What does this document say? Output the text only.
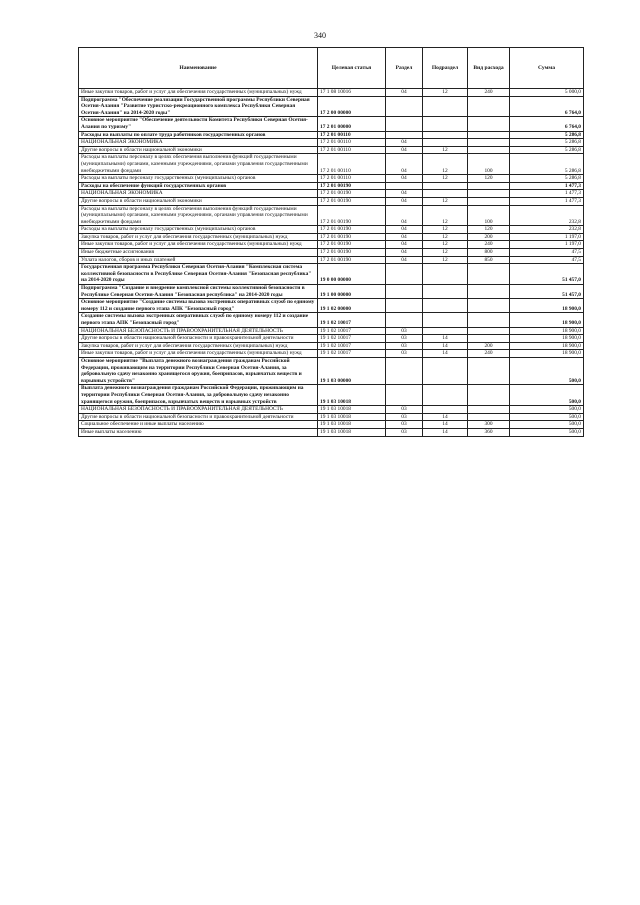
340
Наименование	Целевая статья	Раздел	Подраздел	Вид расхода	Сумма
Иные закупки товаров, работ и услуг для обеспечения государственных (муниципальных) нужд	17 1 08 10016	04	12	240	5 000,0
Подпрограмма "Обеспечение реализации Государственной программы Республики Северная Осетия-Алания "Развитие туристско-рекреационного комплекса Республики Северная Осетия-Алания" на 2014-2020 годы"	17 2 00 00000				6 764,0
Основное мероприятие "Обеспечение деятельности Комитета Республики Северная Осетия-Алания по туризму"	17 2 01 00000				6 764,0
Расходы на выплаты по оплате труда работников государственных органов	17 2 01 00110				5 286,8
НАЦИОНАЛЬНАЯ ЭКОНОМИКА	17 2 01 00110	04			5 286,8
Другие вопросы в области национальной экономики	17 2 01 00110	04	12		5 286,8
Расходы на выплаты персоналу в целях обеспечения выполнения функций государственными (муниципальными) органами, казенными учреждениями, органами управления государственными внебюджетными фондами	17 2 01 00110	04	12	100	5 286,8
Расходы на выплаты персоналу государственных (муниципальных) органов	17 2 01 00110	04	12	120	5 286,8
Расходы на обеспечение функций государственных органов	17 2 01 00190				1 477,3
НАЦИОНАЛЬНАЯ ЭКОНОМИКА	17 2 01 00190	04			1 477,3
Другие вопросы в области национальной экономики	17 2 01 00190	04	12		1 477,3
Расходы на выплаты персоналу в целях обеспечения выполнения функций государственными (муниципальными) органами, казенными учреждениями, органами управления государственными внебюджетными фондами	17 2 01 00190	04	12	100	232,8
Расходы на выплаты персоналу государственных (муниципальных) органов	17 2 01 00190	04	12	120	232,8
Закупка товаров, работ и услуг для обеспечения государственных (муниципальных) нужд	17 2 01 00190	04	12	200	1 197,0
Иные закупки товаров, работ и услуг для обеспечения государственных (муниципальных) нужд	17 2 01 00190	04	12	240	1 197,0
Иные бюджетные ассигнования	17 2 01 00190	04	12	800	47,5
Уплата налогов, сборов и иных платежей	17 2 01 00190	04	12	850	47,5
Государственная программа Республики Северная Осетия-Алания "Комплексная система коллективной безопасности в Республике Северная Осетия-Алания "Безопасная республика" на 2014-2020 годы	19 0 00 00000				51 457,0
Подпрограмма "Создание и внедрение комплексной системы коллективной безопасности в Республике Северная Осетия-Алания "Безопасная республика" на 2014-2020 годы	19 1 00 00000				51 457,0
Основное мероприятие "Создание системы вызова экстренных оперативных служб по единому номеру 112 и создание первого этапа АПК "Безопасный город"	19 1 02 00000				18 900,0
Создание системы вызова экстренных оперативных служб по единому номеру 112 и создание первого этапа АПК "Безопасный город"	19 1 02 10017				18 900,0
НАЦИОНАЛЬНАЯ БЕЗОПАСНОСТЬ И ПРАВООХРАНИТЕЛЬНАЯ ДЕЯТЕЛЬНОСТЬ	19 1 02 10017	03			18 900,0
Другие вопросы в области национальной безопасности и правоохранительной деятельности	19 1 02 10017	03	14		18 900,0
Закупка товаров, работ и услуг для обеспечения государственных (муниципальных) нужд	19 1 02 10017	03	14	200	18 900,0
Иные закупки товаров, работ и услуг для обеспечения государственных (муниципальных) нужд	19 1 02 10017	03	14	240	18 900,0
Основное мероприятие "Выплата денежного вознаграждения гражданам Российской Федерации, проживающим на территории Республики Северная Осетия-Алания, за добровольную сдачу незаконно хранящегося оружия, боеприпасов, взрывчатых веществ и взрывных устройств"	19 1 03 00000				500,0
Выплата денежного вознаграждения гражданам Российской Федерации, проживающим на территории Республики Северная Осетия-Алания, за добровольную сдачу незаконно хранящегося оружия, боеприпасов, взрывчатых веществ и взрывных устройств	19 1 03 10018				500,0
НАЦИОНАЛЬНАЯ БЕЗОПАСНОСТЬ И ПРАВООХРАНИТЕЛЬНАЯ ДЕЯТЕЛЬНОСТЬ	19 1 03 10018	03			500,0
Другие вопросы в области национальной безопасности и правоохранительной деятельности	19 1 03 10018	03	14		500,0
Социальное обеспечение и иные выплаты населению	19 1 03 10018	03	14	300	500,0
Иные выплаты населению	19 1 03 10018	03	14	360	500,0
